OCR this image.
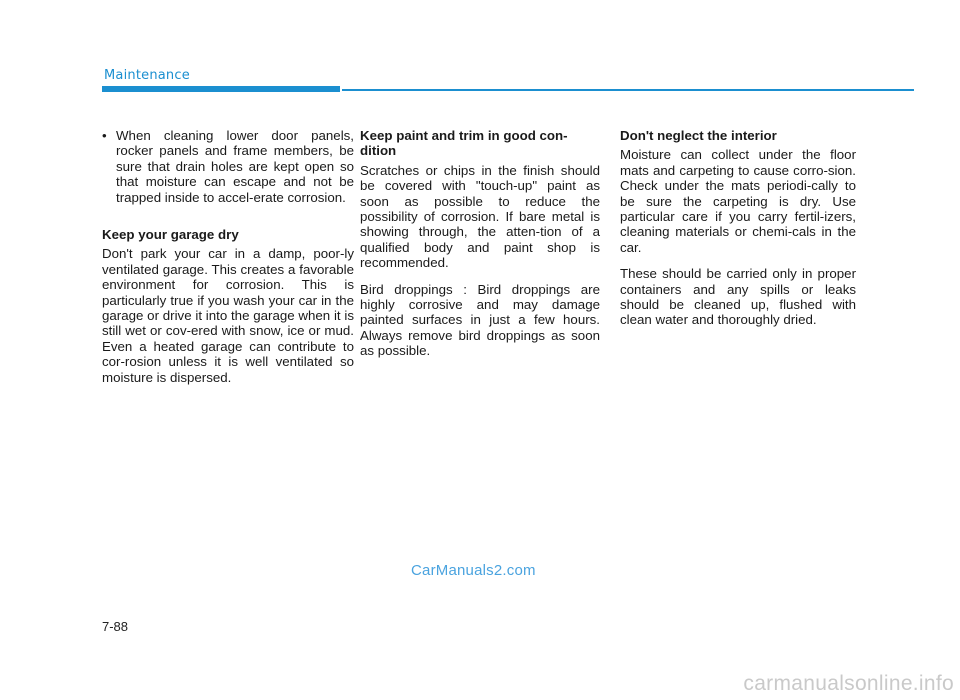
Maintenance
• When cleaning lower door panels, rocker panels and frame members, be sure that drain holes are kept open so that moisture can escape and not be trapped inside to accel-erate corrosion.
Keep your garage dry

Don't park your car in a damp, poor-ly ventilated garage. This creates a favorable environment for corrosion. This is particularly true if you wash your car in the garage or drive it into the garage when it is still wet or cov-ered with snow, ice or mud. Even a heated garage can contribute to cor-rosion unless it is well ventilated so moisture is dispersed.

Keep paint and trim in good con-dition

Scratches or chips in the finish should be covered with "touch-up" paint as soon as possible to reduce the possibility of corrosion. If bare metal is showing through, the atten-tion of a qualified body and paint shop is recommended.

Bird droppings : Bird droppings are highly corrosive and may damage painted surfaces in just a few hours. Always remove bird droppings as soon as possible.

Don't neglect the interior

Moisture can collect under the floor mats and carpeting to cause corro-sion. Check under the mats periodi-cally to be sure the carpeting is dry. Use particular care if you carry fertil-izers, cleaning materials or chemi-cals in the car.

These should be carried only in proper containers and any spills or leaks should be cleaned up, flushed with clean water and thoroughly dried.

CarManuals2.com
7-88
carmanualsonline.info
